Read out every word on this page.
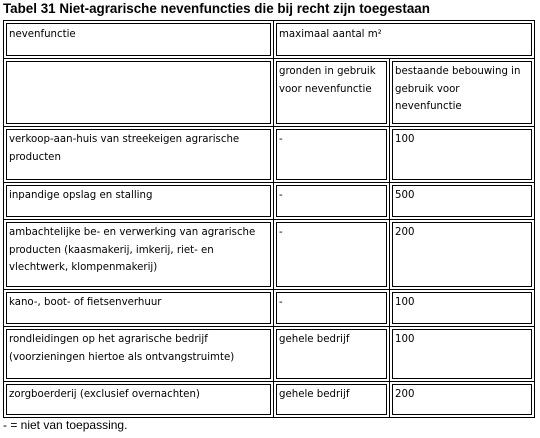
Tabel 31 Niet-agrarische nevenfuncties die bij recht zijn toegestaan
nevenfunctie	maximaal aantal m²	
	gronden in gebruik voor nevenfunctie	bestaande bebouwing in gebruik voor nevenfunctie
verkoop-aan-huis van streekeigen agrarische producten	-	100
inpandige opslag en stalling	-	500
ambachtelijke be- en verwerking van agrarische producten (kaasmakerij, imkerij, riet- en vlechtwerk, klompenmakerij)	-	200
kano-, boot- of fietsenverhuur	-	100
rondleidingen op het agrarische bedrijf (voorzieningen hiertoe als ontvangstruimte)	gehele bedrijf	100
zorgboerderij (exclusief overnachten)	gehele bedrijf	200
- = niet van toepassing.
